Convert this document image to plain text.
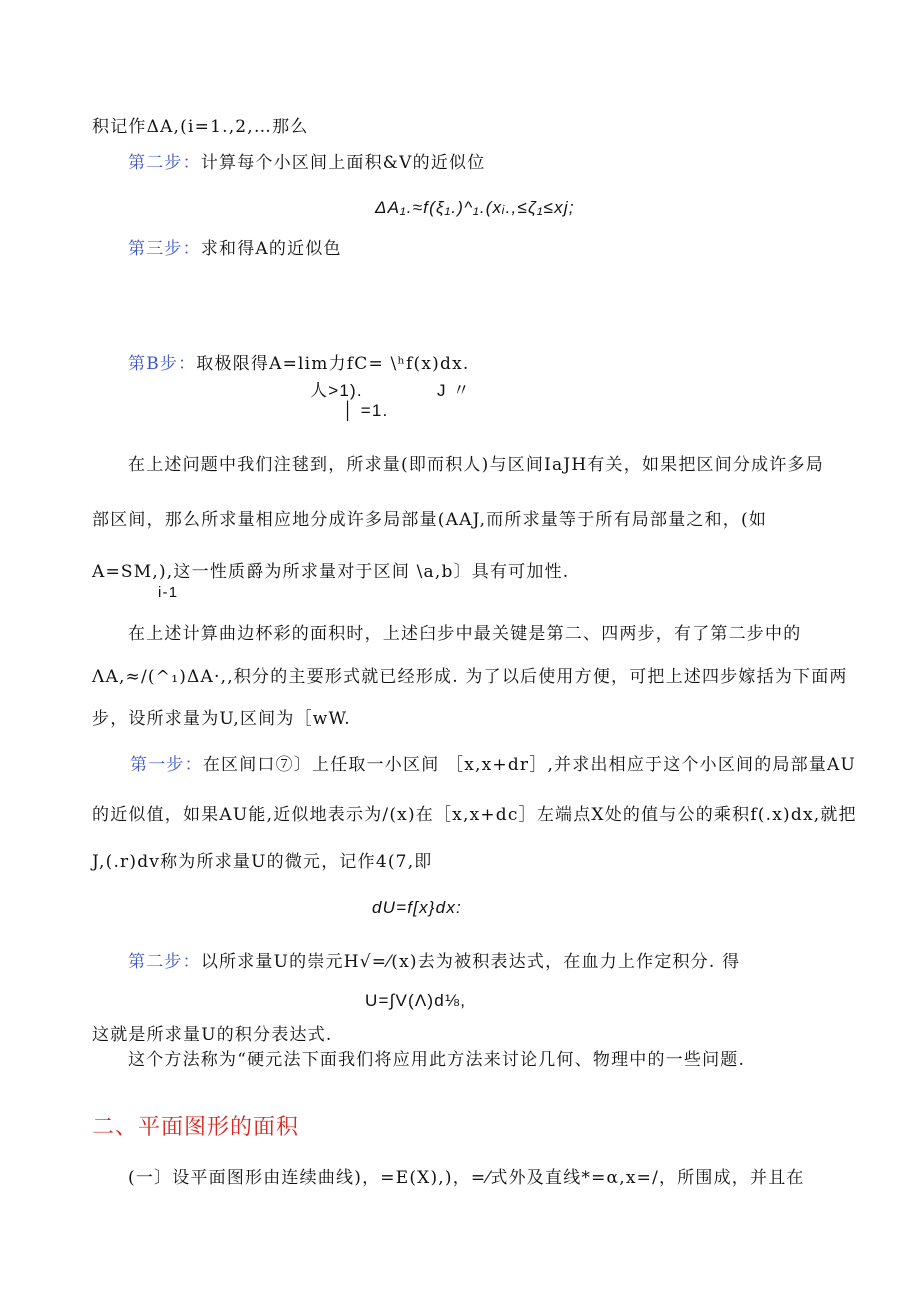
积记作ΔA,(i=1.,2,…那么
第二步：计算每个小区间上面积&V的近似位
ΔA₁.≈f(ξ₁.)^₁.(xᵢ.,≤ζ₁≤xj;
第三步：求和得A的近似色
第B步：取极限得A=lim力fC= \ʰf(x)dx.
人>1).	J 〃
│ =1.
在上述问题中我们注毬到，所求量(即而积人)与区间IaJH有关，如果把区间分成许多局
部区间，那么所求量相应地分成许多局部量(AAJ,而所求量等于所有局部量之和，(如
A=SM,),这一性质爵为所求量对于区间 \a,b〕具有可加性.
i-1
在上述计算曲边杯彩的面积时，上述臼步中最关键是第二、四两步，有了第二步中的
ΛA,≈/(^₁)ΔA·,,积分的主要形式就已经形成. 为了以后使用方便，可把上述四步嫁括为下面两
步，设所求量为U,区间为［wW.
第一步：在区间口⑦〕上任取一小区间 ［x,x+dr］,并求出相应于这个小区间的局部量AU
的近似值，如果AU能,近似地表示为/(x)在［x,x+dc］左端点X处的值与公的乘积f(.x)dx,就把
J,(.r)dv称为所求量U的微元，记作4(7,即
dU=f[x}dx:
第二步：以所求量U的崇元H√=⁄(x)去为被积表达式，在血力上作定积分. 得
U=∫V(Λ)d⅛,
这就是所求量U的积分表达式.
这个方法称为“硬元法下面我们将应用此方法来讨论几何、物理中的一些问题.
二、平面图形的面积
(一〕设平面图形由连续曲线)，=E(X),)，=⁄式外及直线*=α,x=/，所围成，并且在
